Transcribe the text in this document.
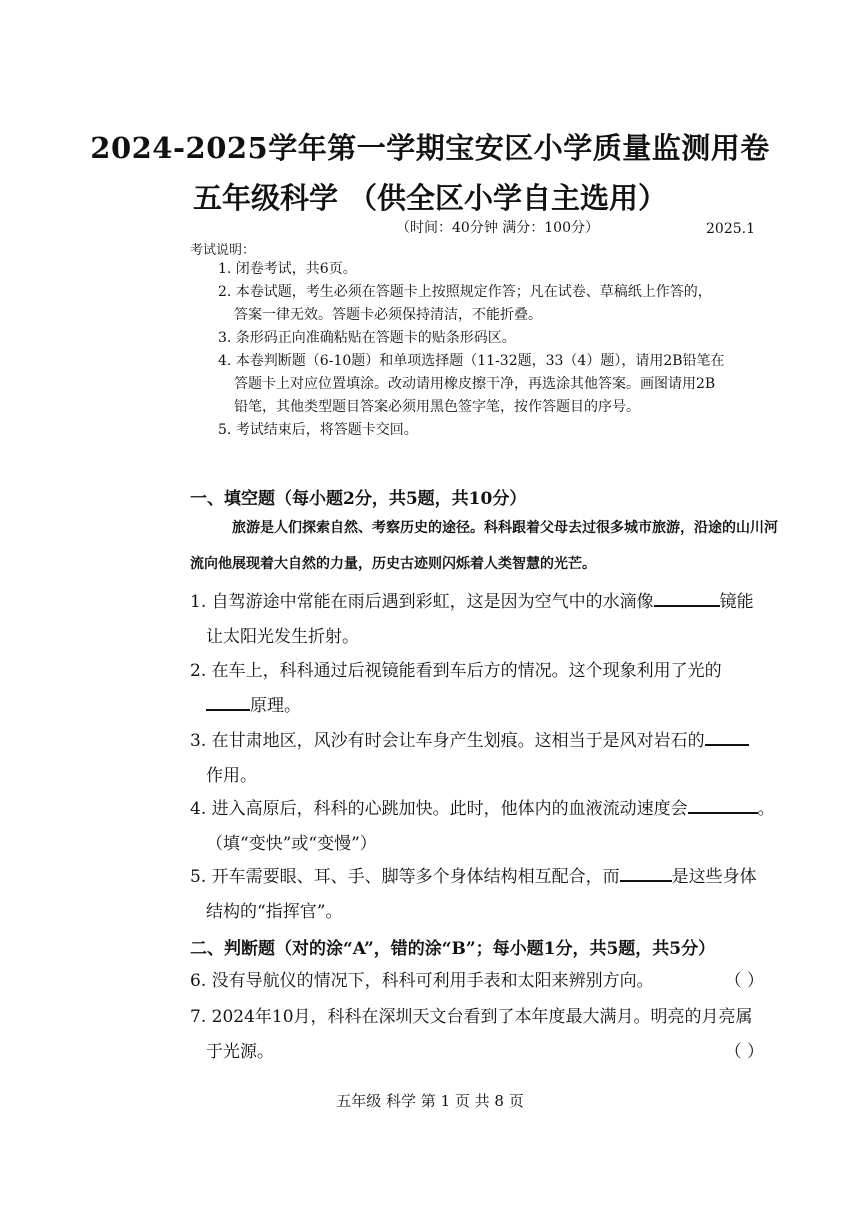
2024-2025学年第一学期宝安区小学质量监测用卷
五年级科学 （供全区小学自主选用）
（时间：40分钟 满分：100分）	2025.1
考试说明：
1. 闭卷考试，共6页。
2. 本卷试题，考生必须在答题卡上按照规定作答；凡在试卷、草稿纸上作答的，

答案一律无效。答题卡必须保持清洁，不能折叠。
3. 条形码正向准确粘贴在答题卡的贴条形码区。
4. 本卷判断题（6-10题）和单项选择题（11-32题，33（4）题），请用2B铅笔在

答题卡上对应位置填涂。改动请用橡皮擦干净，再选涂其他答案。画图请用2B
铅笔，其他类型题目答案必须用黑色签字笔，按作答题目的序号。
5. 考试结束后，将答题卡交回。
一、填空题（每小题2分，共5题，共10分）
旅游是人们探索自然、考察历史的途径。科科跟着父母去过很多城市旅游，沿途的山川河流向他展现着大自然的力量，历史古迹则闪烁着人类智慧的光芒。
1. 自驾游途中常能在雨后遇到彩虹，这是因为空气中的水滴像	镜能
让太阳光发生折射。
2. 在车上，科科通过后视镜能看到车后方的情况。这个现象利用了光的

原理。
3. 在甘肃地区，风沙有时会让车身产生划痕。这相当于是风对岩石的
作用。
4. 进入高原后，科科的心跳加快。此时，他体内的血液流动速度会	。
（填“变快”或“变慢”）
5. 开车需要眼、耳、手、脚等多个身体结构相互配合，而	是这些身体
结构的“指挥官”。
二、判断题（对的涂“A”，错的涂“B”；每小题1分，共5题，共5分）
6. 没有导航仪的情况下，科科可利用手表和太阳来辨别方向。	（ ）
7. 2024年10月，科科在深圳天文台看到了本年度最大满月。明亮的月亮属
于光源。	（ ）
五年级 科学 第 1 页 共 8 页
